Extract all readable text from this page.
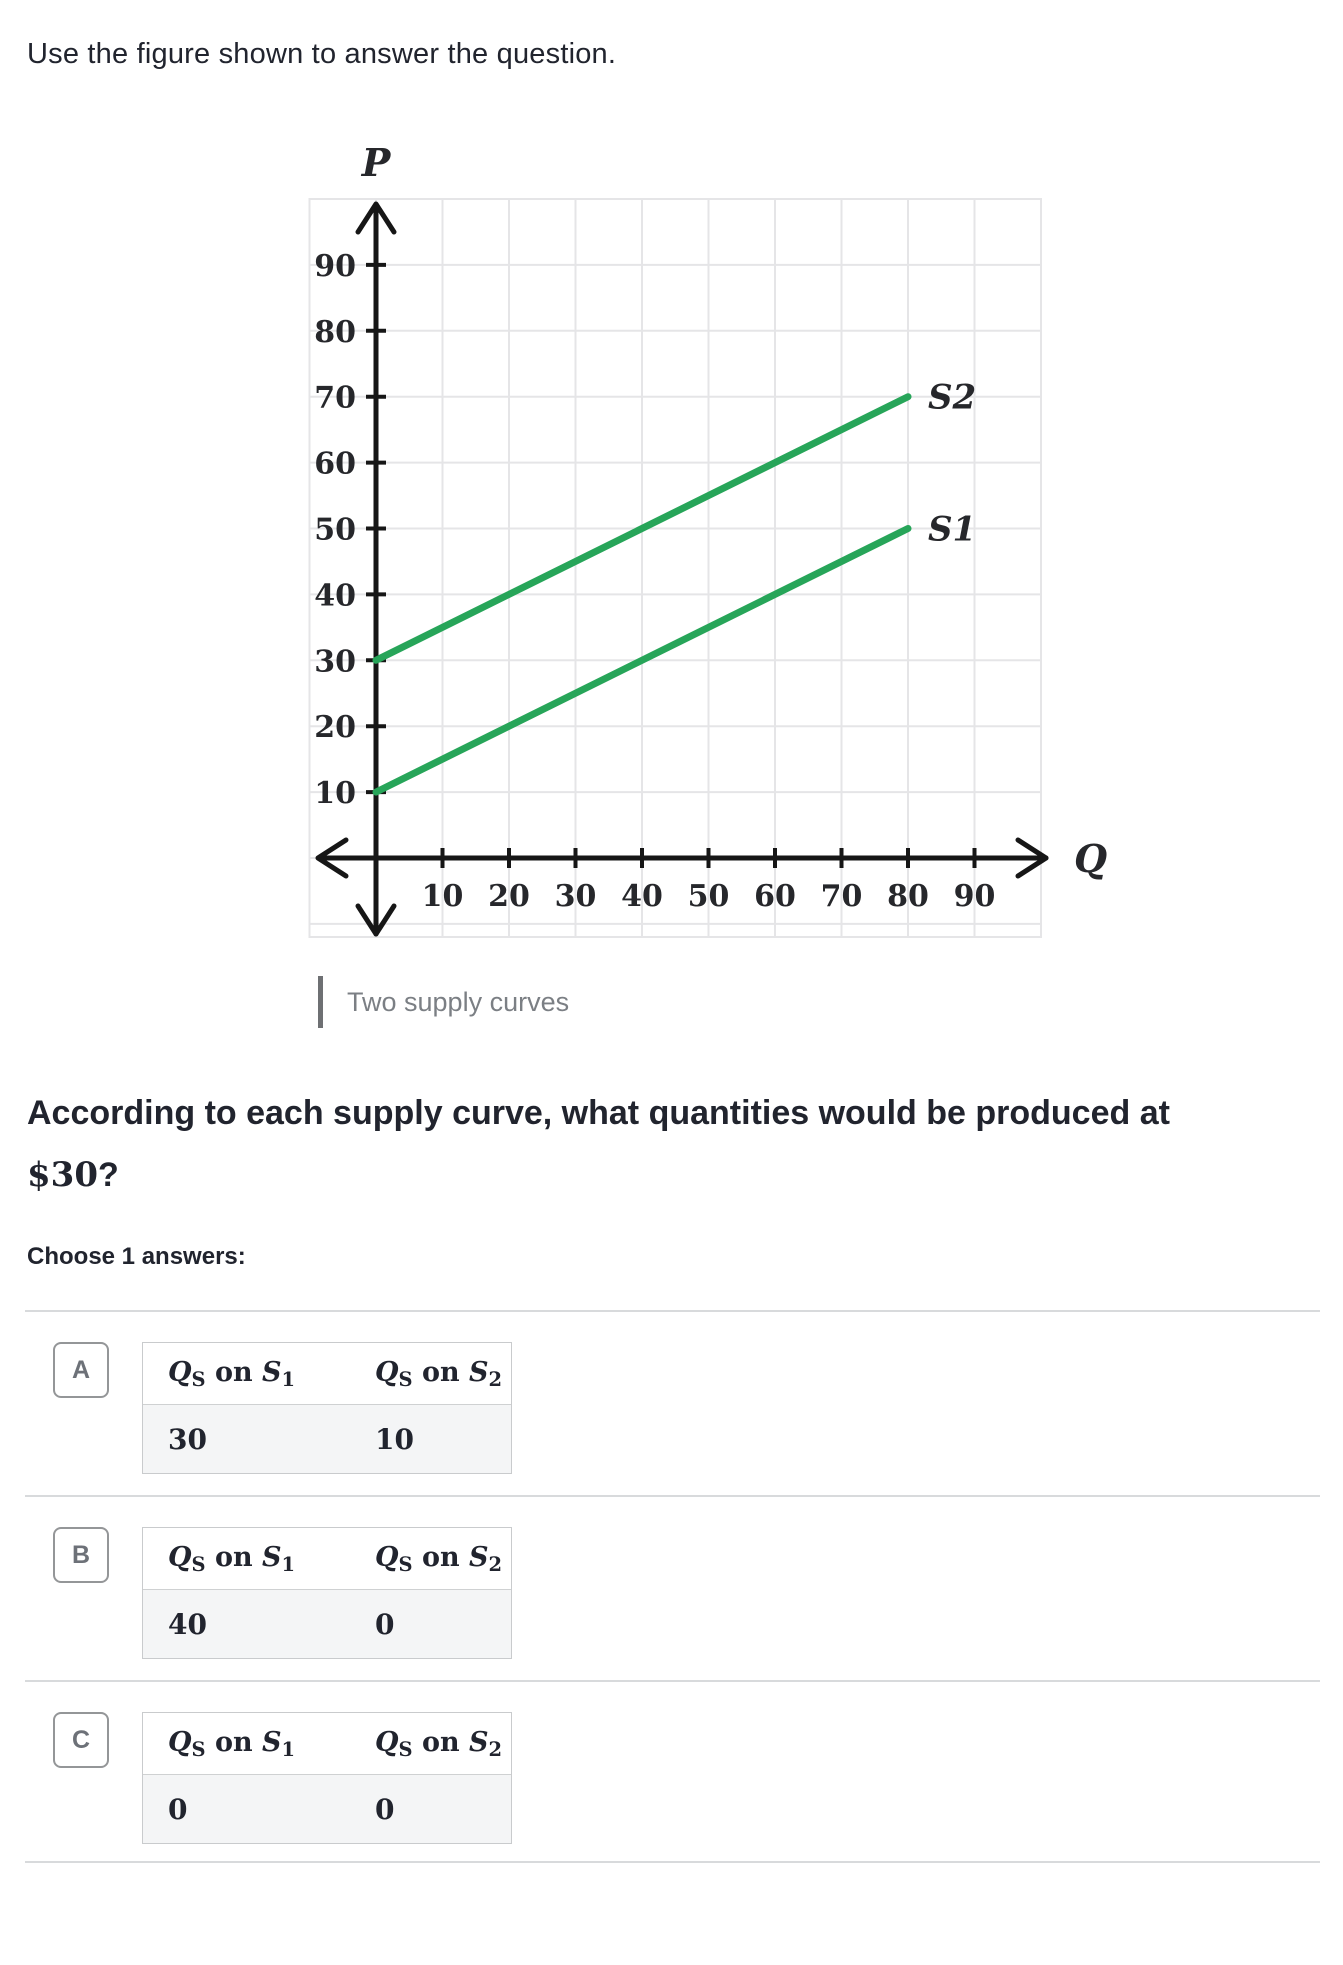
Use the figure shown to answer the question.
10
20
30
40
50
60
70
80
90
10 20 30 40 50 60 70 80 90
P
Q
S1
S2
Two supply curves
According to each supply curve, what quantities would be produced at
$30?
Choose 1 answers:
A	QS on S1	QS on S2
30	10
B	QS on S1	QS on S2
40	0
C	QS on S1	QS on S2
0	0
